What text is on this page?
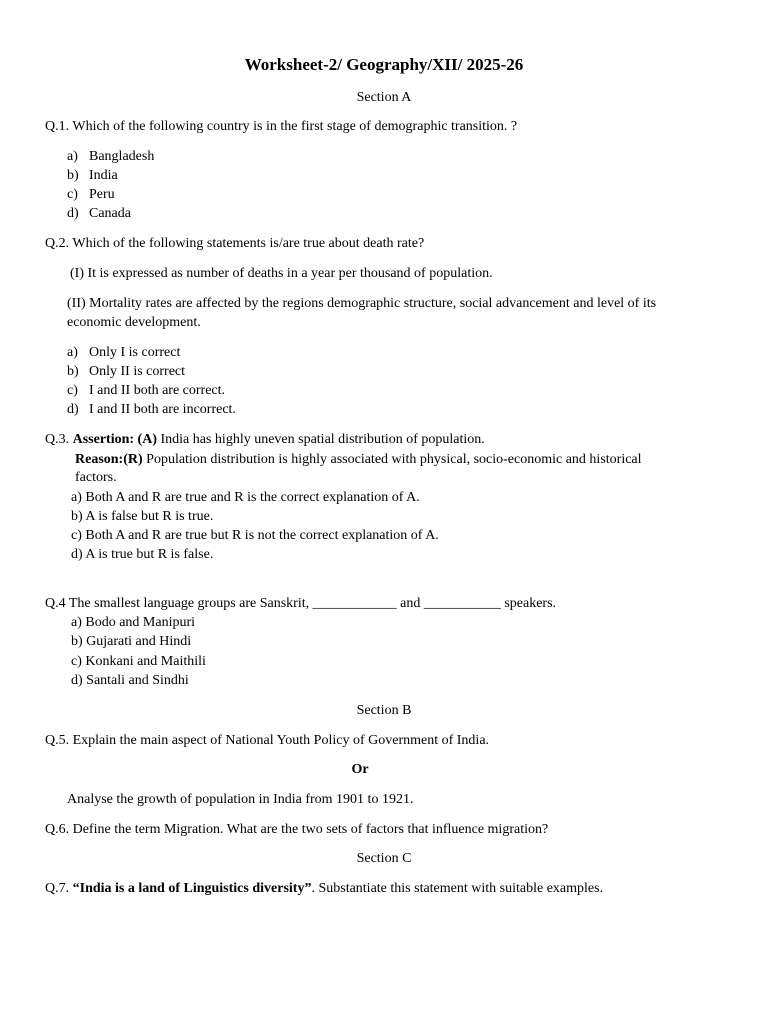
Worksheet-2/ Geography/XII/ 2025-26
Section A
Q.1. Which of the following country is in the first stage of demographic transition. ?
a) Bangladesh
b) India
c) Peru
d) Canada
Q.2. Which of the following statements is/are true about death rate?
(I) It is expressed as number of deaths in a year per thousand of population.
(II) Mortality rates are affected by the regions demographic structure, social advancement and level of its
economic development.
a) Only I is correct
b) Only II is correct
c) I and II both are correct.
d) I and II both are incorrect.
Q.3. Assertion: (A) India has highly uneven spatial distribution of population.
Reason:(R) Population distribution is highly associated with physical, socio-economic and historical
factors.
a) Both A and R are true and R is the correct explanation of A.
b) A is false but R is true.
c) Both A and R are true but R is not the correct explanation of A.
d) A is true but R is false.
Q.4 The smallest language groups are Sanskrit, ____________ and ___________ speakers.
a) Bodo and Manipuri
b) Gujarati and Hindi
c) Konkani and Maithili
d) Santali and Sindhi
Section B
Q.5. Explain the main aspect of National Youth Policy of Government of India.
Or
Analyse the growth of population in India from 1901 to 1921.
Q.6. Define the term Migration. What are the two sets of factors that influence migration?
Section C
Q.7. “India is a land of Linguistics diversity”. Substantiate this statement with suitable examples.
